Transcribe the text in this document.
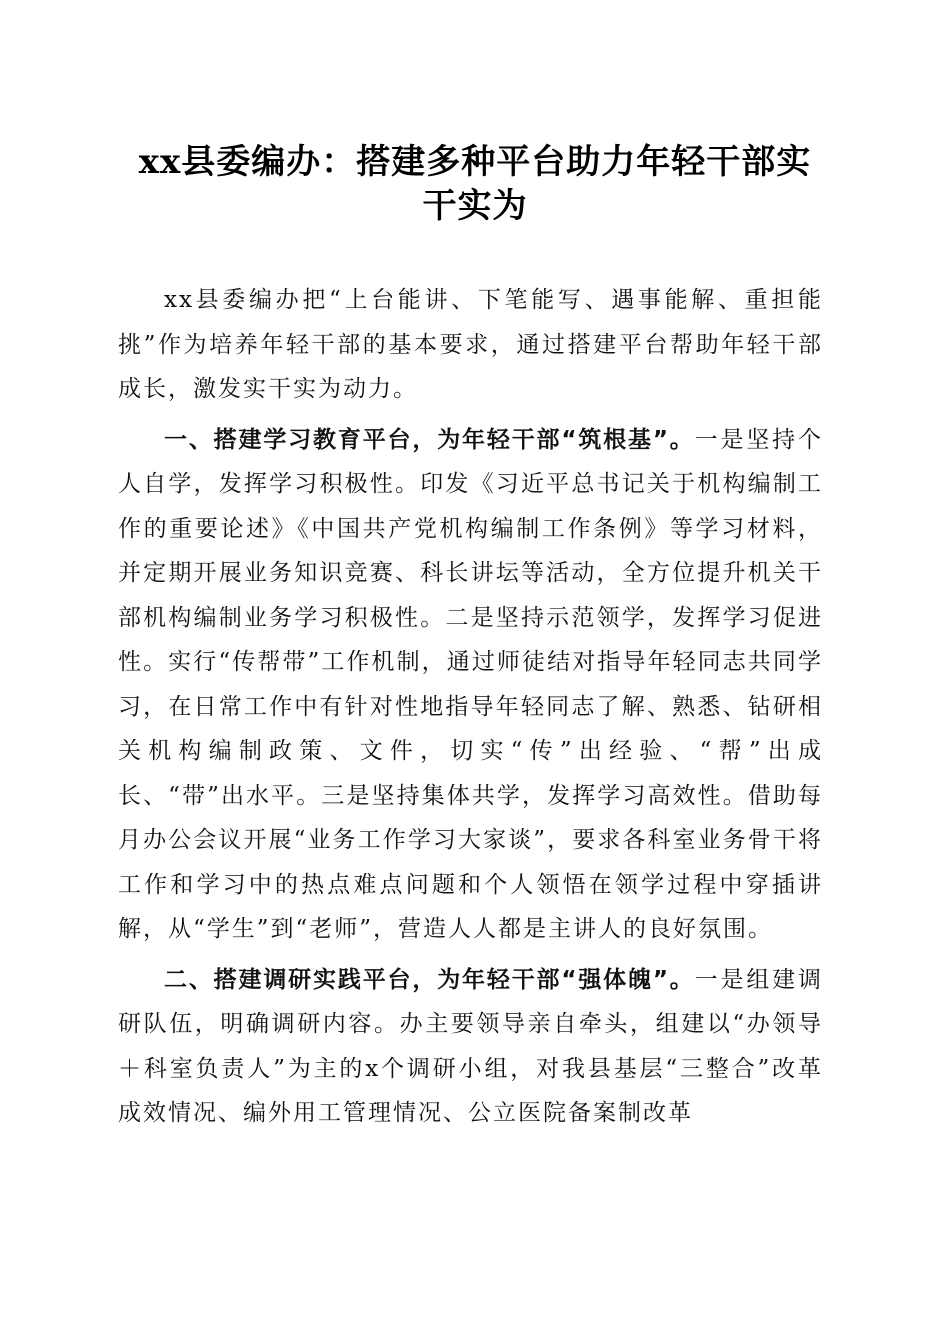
xx县委编办：搭建多种平台助力年轻干部实
干实为

xx县委编办把“上台能讲、下笔能写、遇事能解、重担能挑”作为培养年轻干部的基本要求，通过搭建平台帮助年轻干部成长，激发实干实为动力。

一、搭建学习教育平台，为年轻干部“筑根基”。一是坚持个人自学，发挥学习积极性。印发《习近平总书记关于机构编制工作的重要论述》《中国共产党机构编制工作条例》等学习材料，并定期开展业务知识竞赛、科长讲坛等活动，全方位提升机关干部机构编制业务学习积极性。二是坚持示范领学，发挥学习促进性。实行“传帮带”工作机制，通过师徒结对指导年轻同志共同学习，在日常工作中有针对性地指导年轻同志了解、熟悉、钻研相关机构编制政策、文件，切实“传”出经验、“帮”出成长、“带”出水平。三是坚持集体共学，发挥学习高效性。借助每月办公会议开展“业务工作学习大家谈”，要求各科室业务骨干将工作和学习中的热点难点问题和个人领悟在领学过程中穿插讲解，从“学生”到“老师”，营造人人都是主讲人的良好氛围。

二、搭建调研实践平台，为年轻干部“强体魄”。一是组建调研队伍，明确调研内容。办主要领导亲自牵头，组建以“办领导＋科室负责人”为主的x个调研小组，对我县基层“三整合”改革成效情况、编外用工管理情况、公立医院备案制改革
